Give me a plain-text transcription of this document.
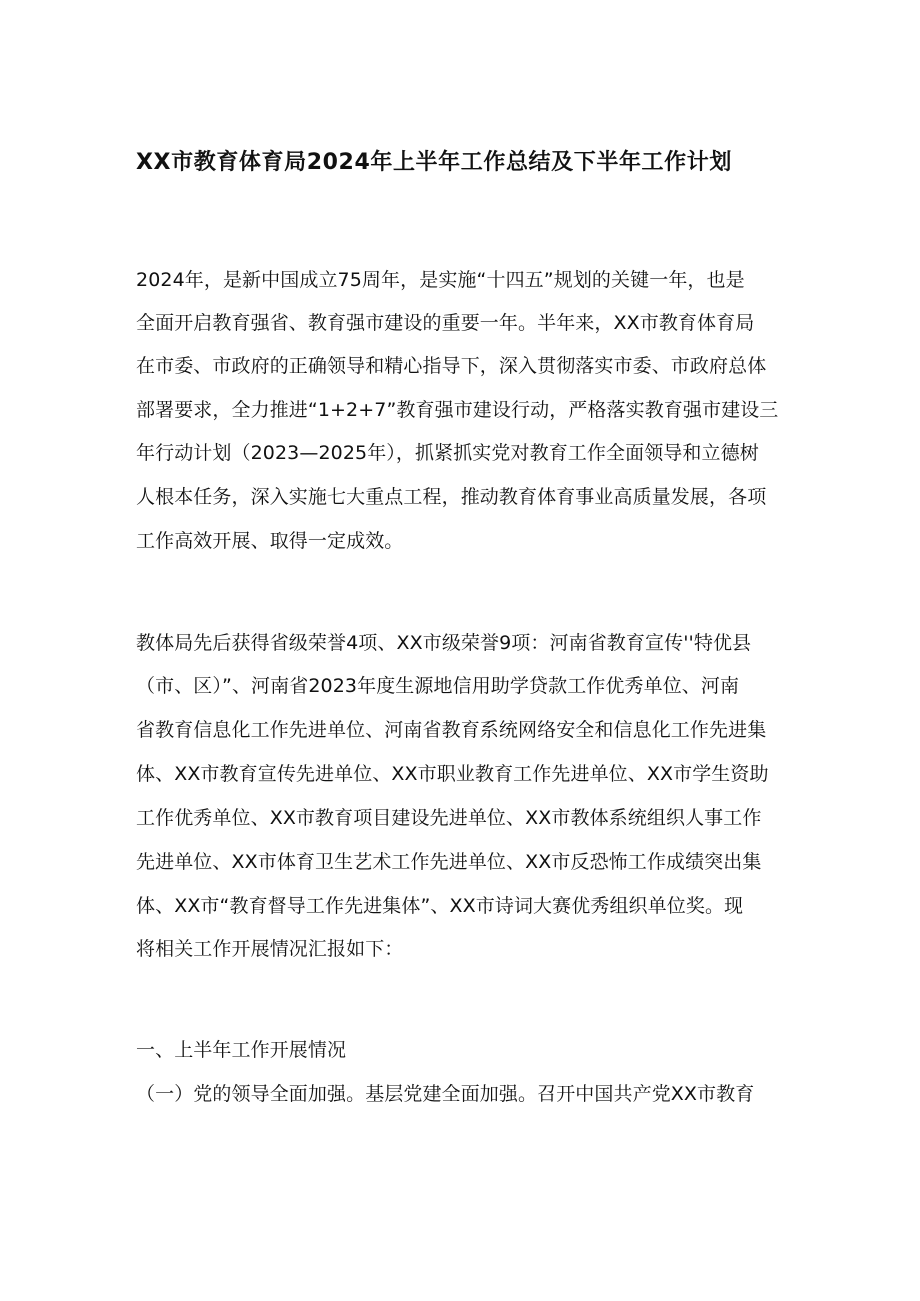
XX市教育体育局2024年上半年工作总结及下半年工作计划
2024年，是新中国成立75周年，是实施“十四五”规划的关键一年，也是
全面开启教育强省、教育强市建设的重要一年。半年来，XX市教育体育局
在市委、市政府的正确领导和精心指导下，深入贯彻落实市委、市政府总体
部署要求，全力推进“1+2+7”教育强市建设行动，严格落实教育强市建设三
年行动计划（2023—2025年），抓紧抓实党对教育工作全面领导和立德树
人根本任务，深入实施七大重点工程，推动教育体育事业高质量发展，各项
工作高效开展、取得一定成效。
教体局先后获得省级荣誉4项、XX市级荣誉9项：河南省教育宣传''特优县
（市、区）”、河南省2023年度生源地信用助学贷款工作优秀单位、河南
省教育信息化工作先进单位、河南省教育系统网络安全和信息化工作先进集
体、XX市教育宣传先进单位、XX市职业教育工作先进单位、XX市学生资助
工作优秀单位、XX市教育项目建设先进单位、XX市教体系统组织人事工作
先进单位、XX市体育卫生艺术工作先进单位、XX市反恐怖工作成绩突出集
体、XX市“教育督导工作先进集体”、XX市诗词大赛优秀组织单位奖。现
将相关工作开展情况汇报如下：
一、上半年工作开展情况
（一）党的领导全面加强。基层党建全面加强。召开中国共产党XX市教育
